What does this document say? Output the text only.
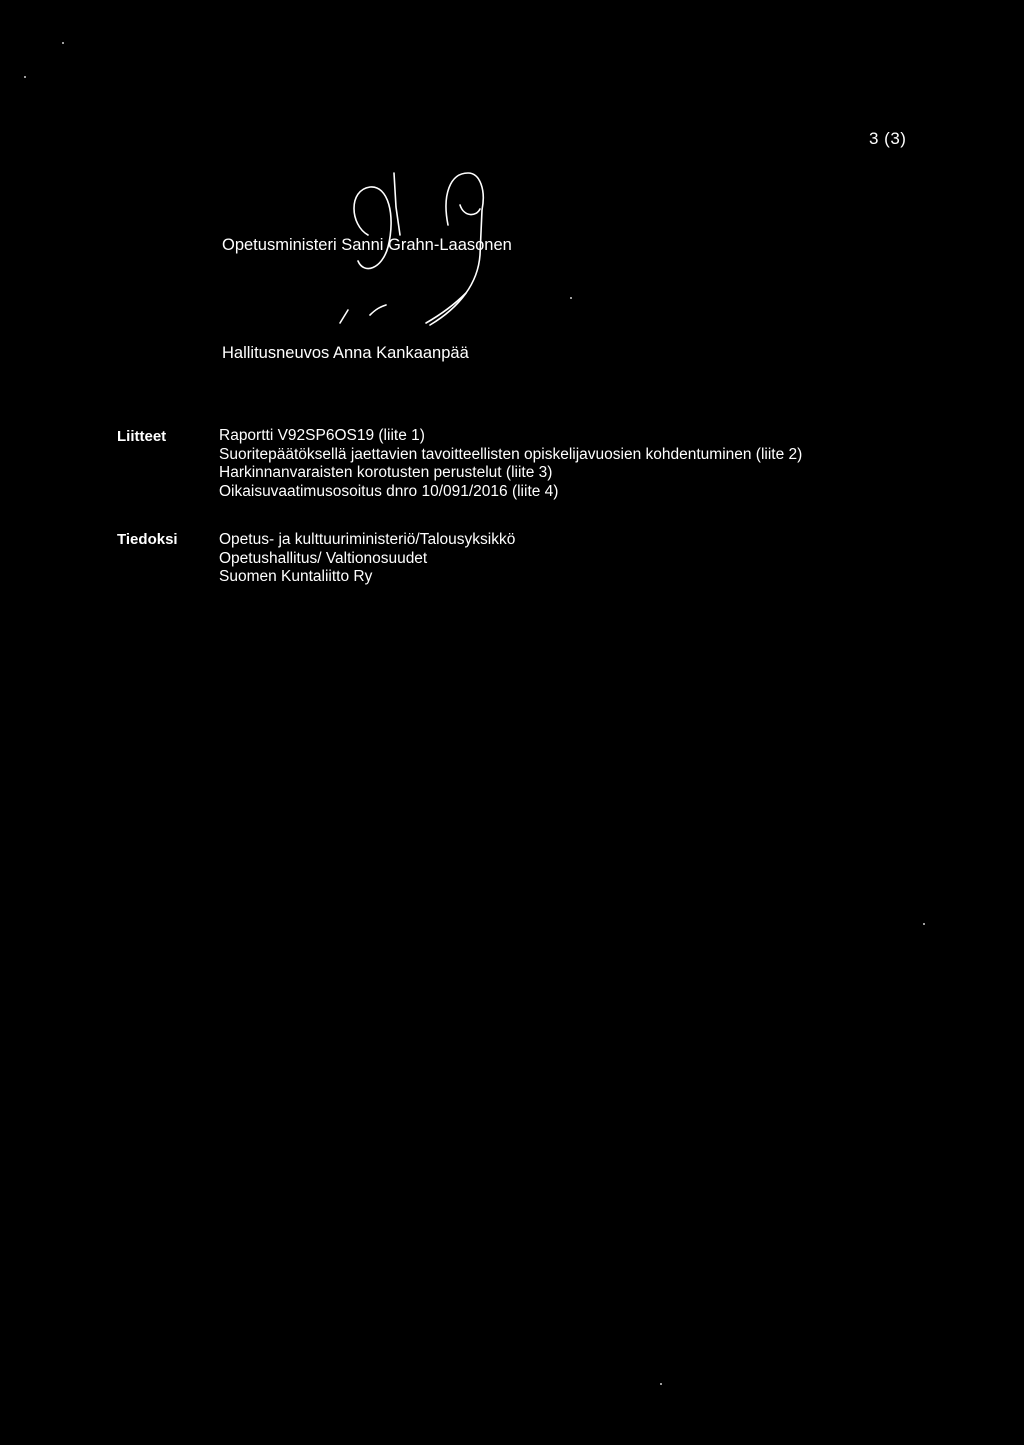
3 (3)
Opetusministeri Sanni Grahn-Laasonen
Hallitusneuvos Anna Kankaanpää
Liitteet	Raportti V92SP6OS19 (liite 1)
Suoritepäätöksellä jaettavien tavoitteellisten opiskelijavuosien kohdentuminen (liite 2)
Harkinnanvaraisten korotusten perustelut (liite 3)
Oikaisuvaatimusosoitus dnro 10/091/2016 (liite 4)
Tiedoksi	Opetus- ja kulttuuriministeriö/Talousyksikkö
Opetushallitus/ Valtionosuudet
Suomen Kuntaliitto Ry
